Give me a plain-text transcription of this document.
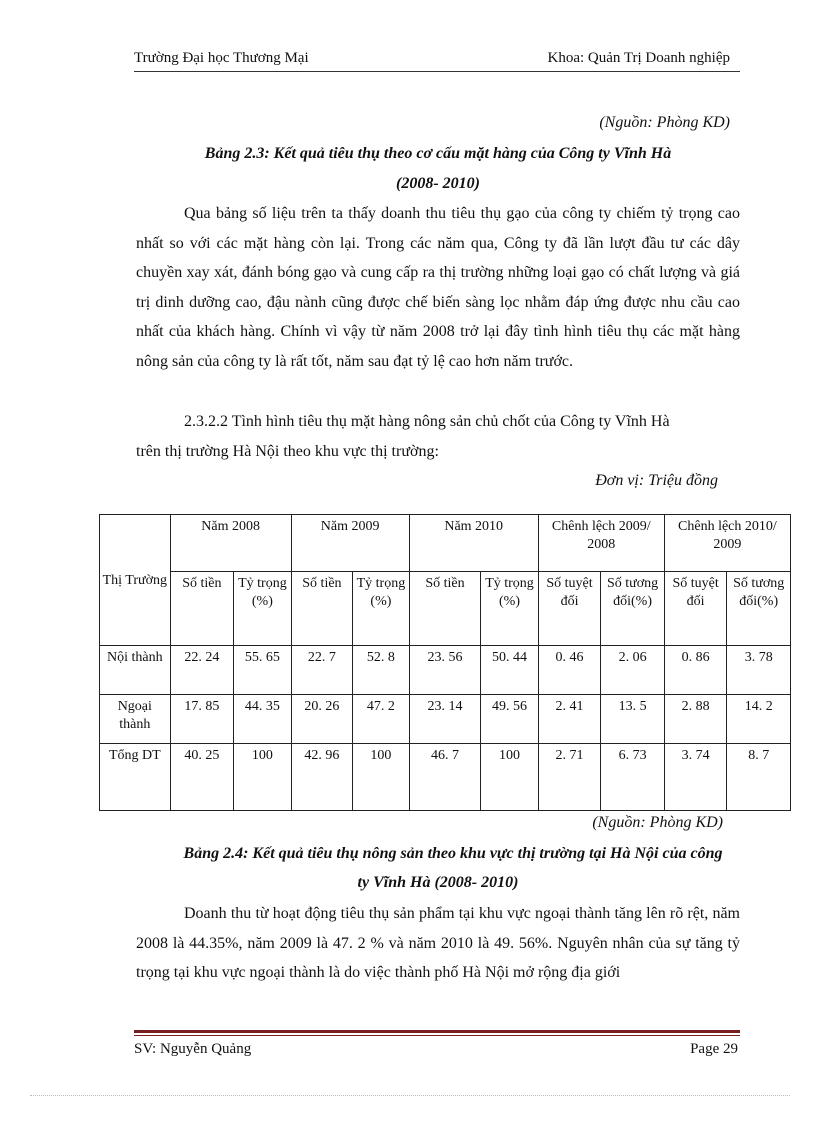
Trường Đại học Thương Mại	Khoa: Quản Trị Doanh nghiệp
(Nguồn: Phòng KD)
Bảng 2.3: Kết quả tiêu thụ theo cơ cấu mặt hàng của Công ty Vĩnh Hà
(2008- 2010)

Qua bảng số liệu trên ta thấy doanh thu tiêu thụ gạo của công ty chiếm tỷ trọng cao nhất so với các mặt hàng còn lại. Trong các năm qua, Công ty đã lần lượt đầu tư các dây chuyền xay xát, đánh bóng gạo và cung cấp ra thị trường những loại gạo có chất lượng và giá trị dinh dưỡng cao, đậu nành cũng được chế biến sàng lọc nhằm đáp ứng được nhu cầu cao nhất của khách hàng. Chính vì vậy từ năm 2008 trở lại đây tình hình tiêu thụ các mặt hàng nông sản của công ty là rất tốt, năm sau đạt tỷ lệ cao hơn năm trước.

2.3.2.2 Tình hình tiêu thụ mặt hàng nông sản chủ chốt của Công ty Vĩnh Hà
trên thị trường Hà Nội theo khu vực thị trường:
Đơn vị: Triệu đồng
Thị Trường	Năm 2008		Năm 2009		Năm 2010		Chênh lệch 2009/ 2008		Chênh lệch 2010/ 2009	
	Số tiền	Tỷ trọng (%)	Số tiền	Tỷ trọng (%)	Số tiền	Tỷ trọng (%)	Số tuyệt đối	Số tương đối(%)	Số tuyệt đối	Số tương đối(%)
Nội thành	22. 24	55. 65	22. 7	52. 8	23. 56	50. 44	0. 46	2. 06	0. 86	3. 78
Ngoại thành	17. 85	44. 35	20. 26	47. 2	23. 14	49. 56	2. 41	13. 5	2. 88	14. 2
Tổng DT	40. 25	100	42. 96	100	46. 7	100	2. 71	6. 73	3. 74	8. 7
(Nguồn: Phòng KD)
Bảng 2.4: Kết quả tiêu thụ nông sản theo khu vực thị trường tại Hà Nội của công
ty Vĩnh Hà (2008- 2010)

Doanh thu từ hoạt động tiêu thụ sản phẩm tại khu vực ngoại thành tăng lên rõ rệt, năm 2008 là 44.35%, năm 2009 là 47. 2 % và năm 2010 là 49. 56%. Nguyên nhân của sự tăng tỷ trọng tại khu vực ngoại thành là do việc thành phố Hà Nội mở rộng địa giới

SV: Nguyễn Quảng	Page 29
